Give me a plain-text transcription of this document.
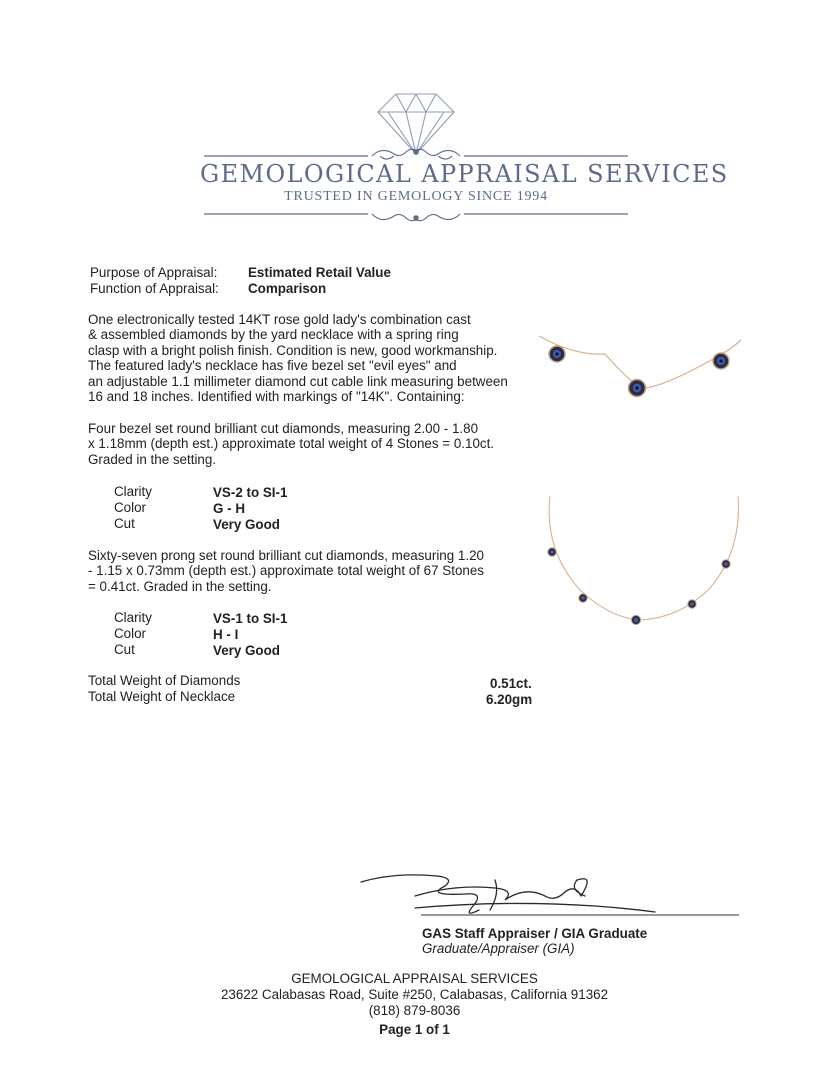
GEMOLOGICAL APPRAISAL SERVICES
TRUSTED IN GEMOLOGY SINCE 1994
Purpose of Appraisal: Estimated Retail Value
Function of Appraisal: Comparison
One electronically tested 14KT rose gold lady's combination cast
& assembled diamonds by the yard necklace with a spring ring
clasp with a bright polish finish. Condition is new, good workmanship.
The featured lady's necklace has five bezel set "evil eyes" and
an adjustable 1.1 millimeter diamond cut cable link measuring between
16 and 18 inches. Identified with markings of "14K". Containing:
Four bezel set round brilliant cut diamonds, measuring 2.00 - 1.80
x 1.18mm (depth est.) approximate total weight of 4 Stones = 0.10ct.
Graded in the setting.
Clarity	VS-2 to SI-1
Color	G - H
Cut	Very Good
Sixty-seven prong set round brilliant cut diamonds, measuring 1.20
- 1.15 x 0.73mm (depth est.) approximate total weight of 67 Stones
= 0.41ct. Graded in the setting.
Clarity	VS-1 to SI-1
Color	H - I
Cut	Very Good
Total Weight of Diamonds	0.51ct.
Total Weight of Necklace	6.20gm
GAS Staff Appraiser / GIA Graduate
Graduate/Appraiser (GIA)
GEMOLOGICAL APPRAISAL SERVICES
23622 Calabasas Road, Suite #250, Calabasas, California 91362
(818) 879-8036
Page 1 of 1
